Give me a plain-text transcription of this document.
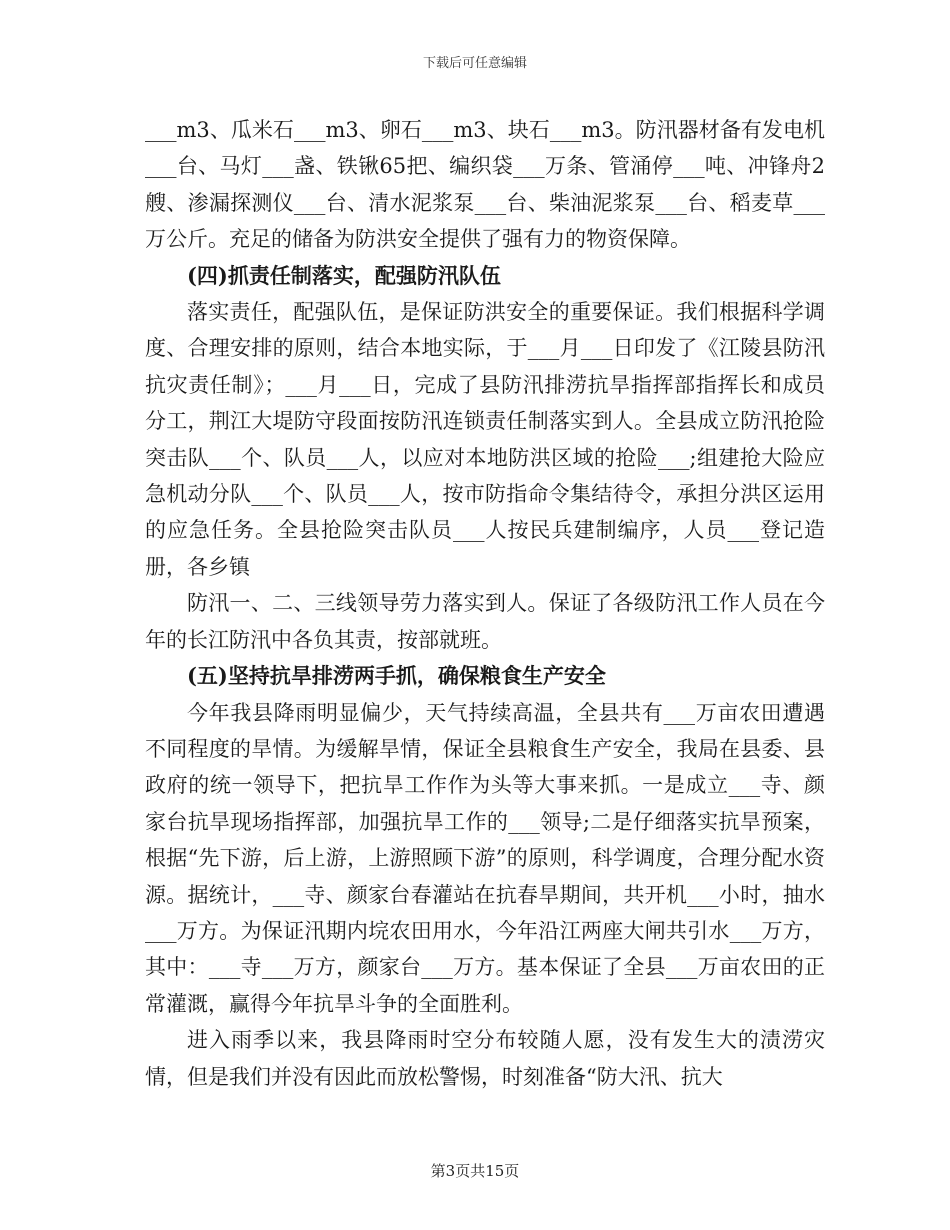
下载后可任意编辑

___m3、瓜米石___m3、卵石___m3、块石___m3。防汛器材备有发电机___台、马灯___盏、铁锹65把、编织袋___万条、管涌停___吨、冲锋舟2艘、渗漏探测仪___台、清水泥浆泵___台、柴油泥浆泵___台、稻麦草___万公斤。充足的储备为防洪安全提供了强有力的物资保障。

(四)抓责任制落实，配强防汛队伍

落实责任，配强队伍，是保证防洪安全的重要保证。我们根据科学调度、合理安排的原则，结合本地实际，于___月___日印发了《江陵县防汛抗灾责任制》；___月___日，完成了县防汛排涝抗旱指挥部指挥长和成员分工，荆江大堤防守段面按防汛连锁责任制落实到人。全县成立防汛抢险突击队___个、队员___人，以应对本地防洪区域的抢险___;组建抢大险应急机动分队___个、队员___人，按市防指命令集结待令，承担分洪区运用的应急任务。全县抢险突击队员___人按民兵建制编序，人员___登记造册，各乡镇

防汛一、二、三线领导劳力落实到人。保证了各级防汛工作人员在今年的长江防汛中各负其责，按部就班。

(五)坚持抗旱排涝两手抓，确保粮食生产安全

今年我县降雨明显偏少，天气持续高温，全县共有___万亩农田遭遇不同程度的旱情。为缓解旱情，保证全县粮食生产安全，我局在县委、县政府的统一领导下，把抗旱工作作为头等大事来抓。一是成立___寺、颜家台抗旱现场指挥部，加强抗旱工作的___领导;二是仔细落实抗旱预案，根据“先下游，后上游，上游照顾下游”的原则，科学调度，合理分配水资源。据统计，___寺、颜家台春灌站在抗春旱期间，共开机___小时，抽水___万方。为保证汛期内垸农田用水，今年沿江两座大闸共引水___万方，其中：___寺___万方，颜家台___万方。基本保证了全县___万亩农田的正常灌溉，赢得今年抗旱斗争的全面胜利。

进入雨季以来，我县降雨时空分布较随人愿，没有发生大的渍涝灾情，但是我们并没有因此而放松警惕，时刻准备“防大汛、抗大

第3页共15页
